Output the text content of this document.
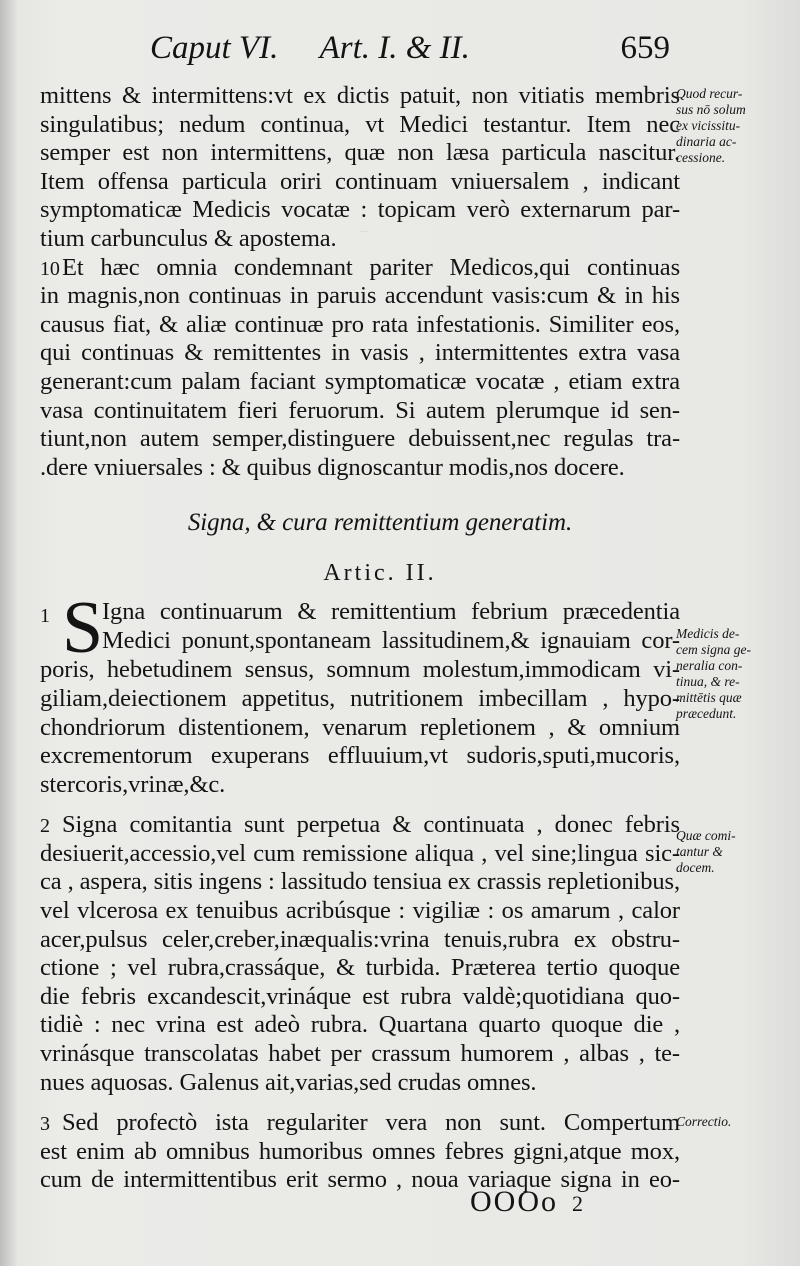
Caput VI. Art. I. & II.	659
...
mittens & intermittens:vt ex dictis patuit, non vitiatis membris
singulatibus; nedum continua, vt Medici testantur. Item nec
semper est non intermittens, quæ non læsa particula nascitur.
Item offensa particula oriri continuam vniuersalem , indicant
symptomaticæ Medicis vocatæ : topicam verò externarum par-
tium carbunculus & apostema.
10Et hæc omnia condemnant pariter Medicos,qui continuas
in magnis,non continuas in paruis accendunt vasis:cum & in his
causus fiat, & aliæ continuæ pro rata infestationis. Similiter eos,
qui continuas & remittentes in vasis , intermittentes extra vasa
generant:cum palam faciant symptomaticæ vocatæ , etiam extra
vasa continuitatem fieri feruorum. Si autem plerumque id sen-
tiunt,non autem semper,distinguere debuissent,nec regulas tra-
.dere vniuersales : & quibus dignoscantur modis,nos docere.
Signa, & cura remittentium generatim.
Artic. II.
1 S
Igna continuarum & remittentium febrium præcedentia
Medici ponunt,spontaneam lassitudinem,& ignauiam cor-
poris, hebetudinem sensus, somnum molestum,immodicam vi-
giliam,deiectionem appetitus, nutritionem imbecillam , hypo-
chondriorum distentionem, venarum repletionem , & omnium
excrementorum exuperans effluuium,vt sudoris,sputi,mucoris,
stercoris,vrinæ,&c.
2 Signa comitantia sunt perpetua & continuata , donec febris
desiuerit,accessio,vel cum remissione aliqua , vel sine;lingua sic-
ca , aspera, sitis ingens : lassitudo tensiua ex crassis repletionibus,
vel vlcerosa ex tenuibus acribúsque : vigiliæ : os amarum , calor
acer,pulsus celer,creber,inæqualis:vrina tenuis,rubra ex obstru-
ctione ; vel rubra,crassáque, & turbida. Præterea tertio quoque
die febris excandescit,vrináque est rubra valdè;quotidiana quo-
tidiè : nec vrina est adeò rubra. Quartana quarto quoque die ,
vrinásque transcolatas habet per crassum humorem , albas , te-
nues aquosas. Galenus ait,varias,sed crudas omnes.
3 Sed profectò ista regulariter vera non sunt. Compertum
est enim ab omnibus humoribus omnes febres gigni,atque mox,
cum de intermittentibus erit sermo , noua variaque signa in eo-
Quod recur-
sus nō solum
ex vicissitu-
dinaria ac-
cessione.
Medicis de-
cem signa ge-
neralia con-
tinua, & re-
mittētis quæ
præcedunt.
Quæ comi-
tantur &
docem.
Correctio.
OOOo 2
